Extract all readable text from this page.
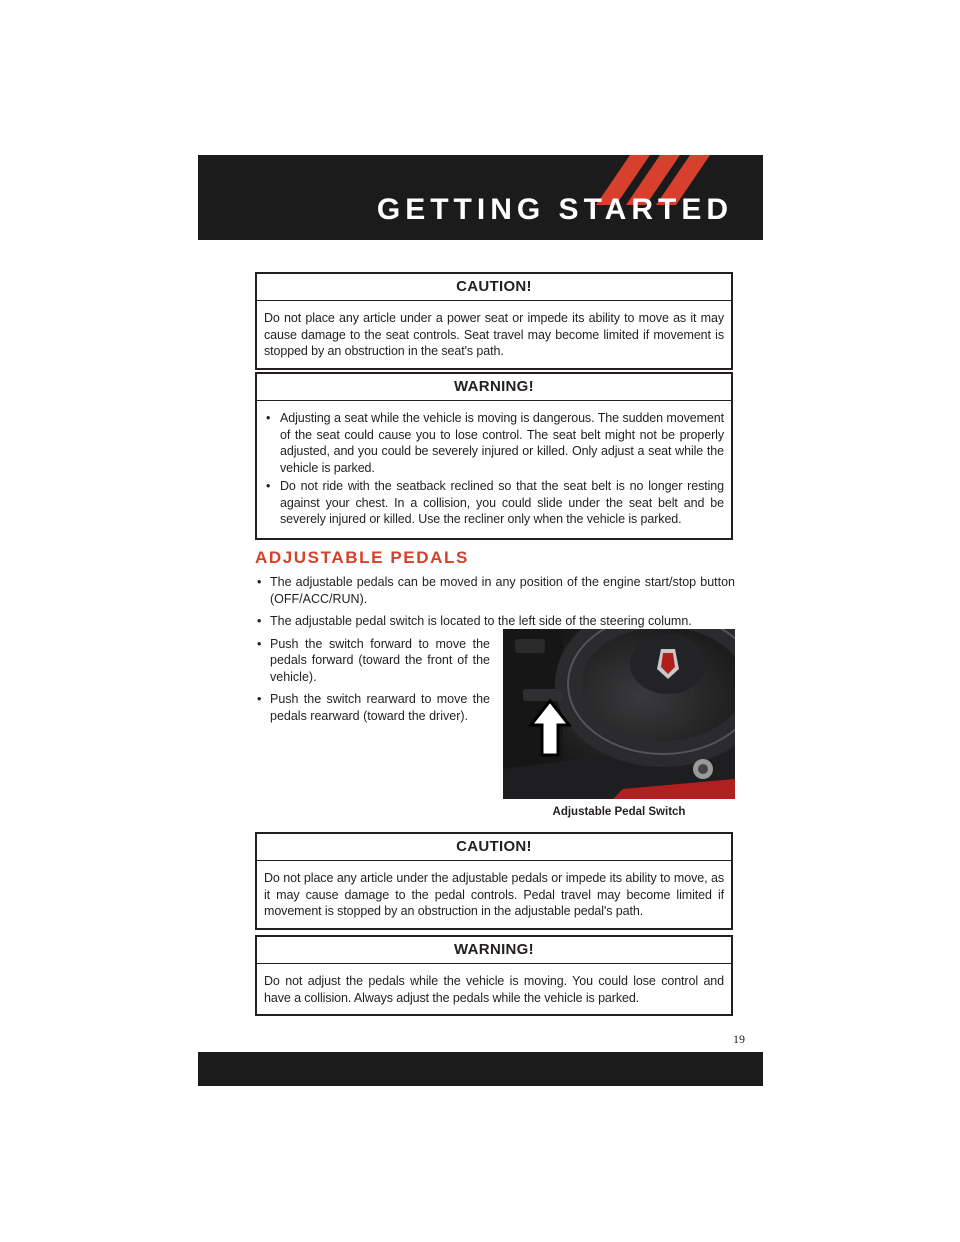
GETTING STARTED
CAUTION!
Do not place any article under a power seat or impede its ability to move as it may cause damage to the seat controls. Seat travel may become limited if movement is stopped by an obstruction in the seat's path.
WARNING!
• Adjusting a seat while the vehicle is moving is dangerous. The sudden movement of the seat could cause you to lose control. The seat belt might not be properly adjusted, and you could be severely injured or killed. Only adjust a seat while the vehicle is parked.
• Do not ride with the seatback reclined so that the seat belt is no longer resting against your chest. In a collision, you could slide under the seat belt and be severely injured or killed. Use the recliner only when the vehicle is parked.
ADJUSTABLE PEDALS
• The adjustable pedals can be moved in any position of the engine start/stop button (OFF/ACC/RUN).
• The adjustable pedal switch is located to the left side of the steering column.
• Push the switch forward to move the pedals forward (toward the front of the vehicle).
• Push the switch rearward to move the pedals rearward (toward the driver).
Adjustable Pedal Switch
CAUTION!
Do not place any article under the adjustable pedals or impede its ability to move, as it may cause damage to the pedal controls. Pedal travel may become limited if movement is stopped by an obstruction in the adjustable pedal's path.
WARNING!
Do not adjust the pedals while the vehicle is moving. You could lose control and have a collision. Always adjust the pedals while the vehicle is parked.
19
